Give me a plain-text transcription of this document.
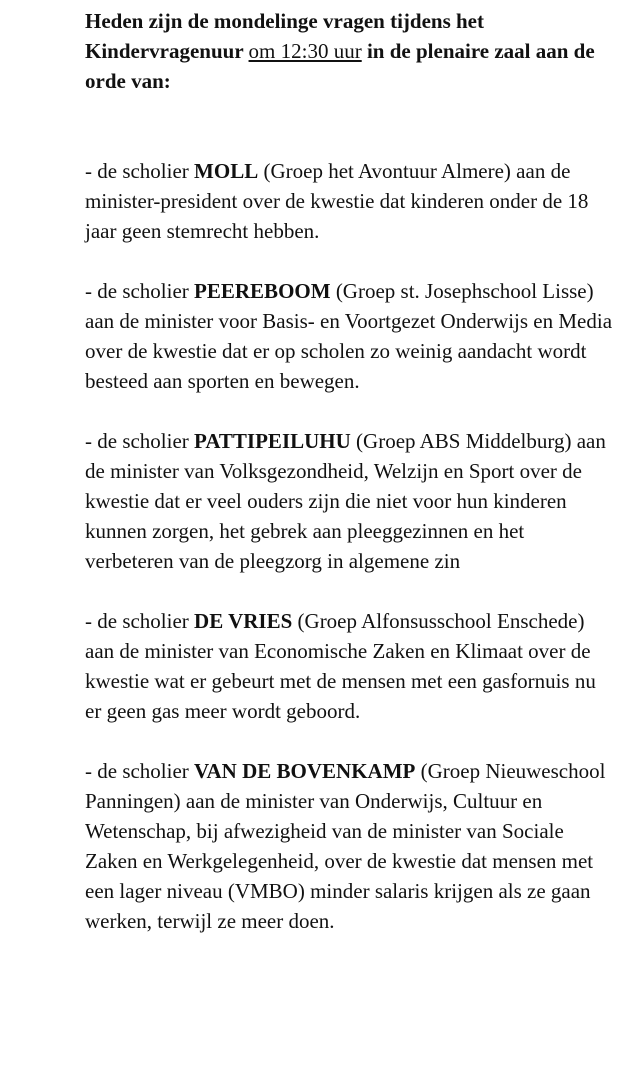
Heden zijn de mondelinge vragen tijdens het Kindervragenuur om 12:30 uur in de plenaire zaal aan de orde van:

- de scholier MOLL (Groep het Avontuur Almere) aan de minister-president over de kwestie dat kinderen onder de 18 jaar geen stemrecht hebben.

- de scholier PEEREBOOM (Groep st. Josephschool Lisse) aan de minister voor Basis- en Voortgezet Onderwijs en Media over de kwestie dat er op scholen zo weinig aandacht wordt besteed aan sporten en bewegen.

- de scholier PATTIPEILUHU (Groep ABS Middelburg) aan de minister van Volksgezondheid, Welzijn en Sport over de kwestie dat er veel ouders zijn die niet voor hun kinderen kunnen zorgen, het gebrek aan pleeggezinnen en het verbeteren van de pleegzorg in algemene zin

- de scholier DE VRIES (Groep Alfonsusschool Enschede) aan de minister van Economische Zaken en Klimaat over de kwestie wat er gebeurt met de mensen met een gasfornuis nu er geen gas meer wordt geboord.

- de scholier VAN DE BOVENKAMP (Groep Nieuweschool Panningen) aan de minister van Onderwijs, Cultuur en Wetenschap, bij afwezigheid van de minister van Sociale Zaken en Werkgelegenheid, over de kwestie dat mensen met een lager niveau (VMBO) minder salaris krijgen als ze gaan werken, terwijl ze meer doen.
